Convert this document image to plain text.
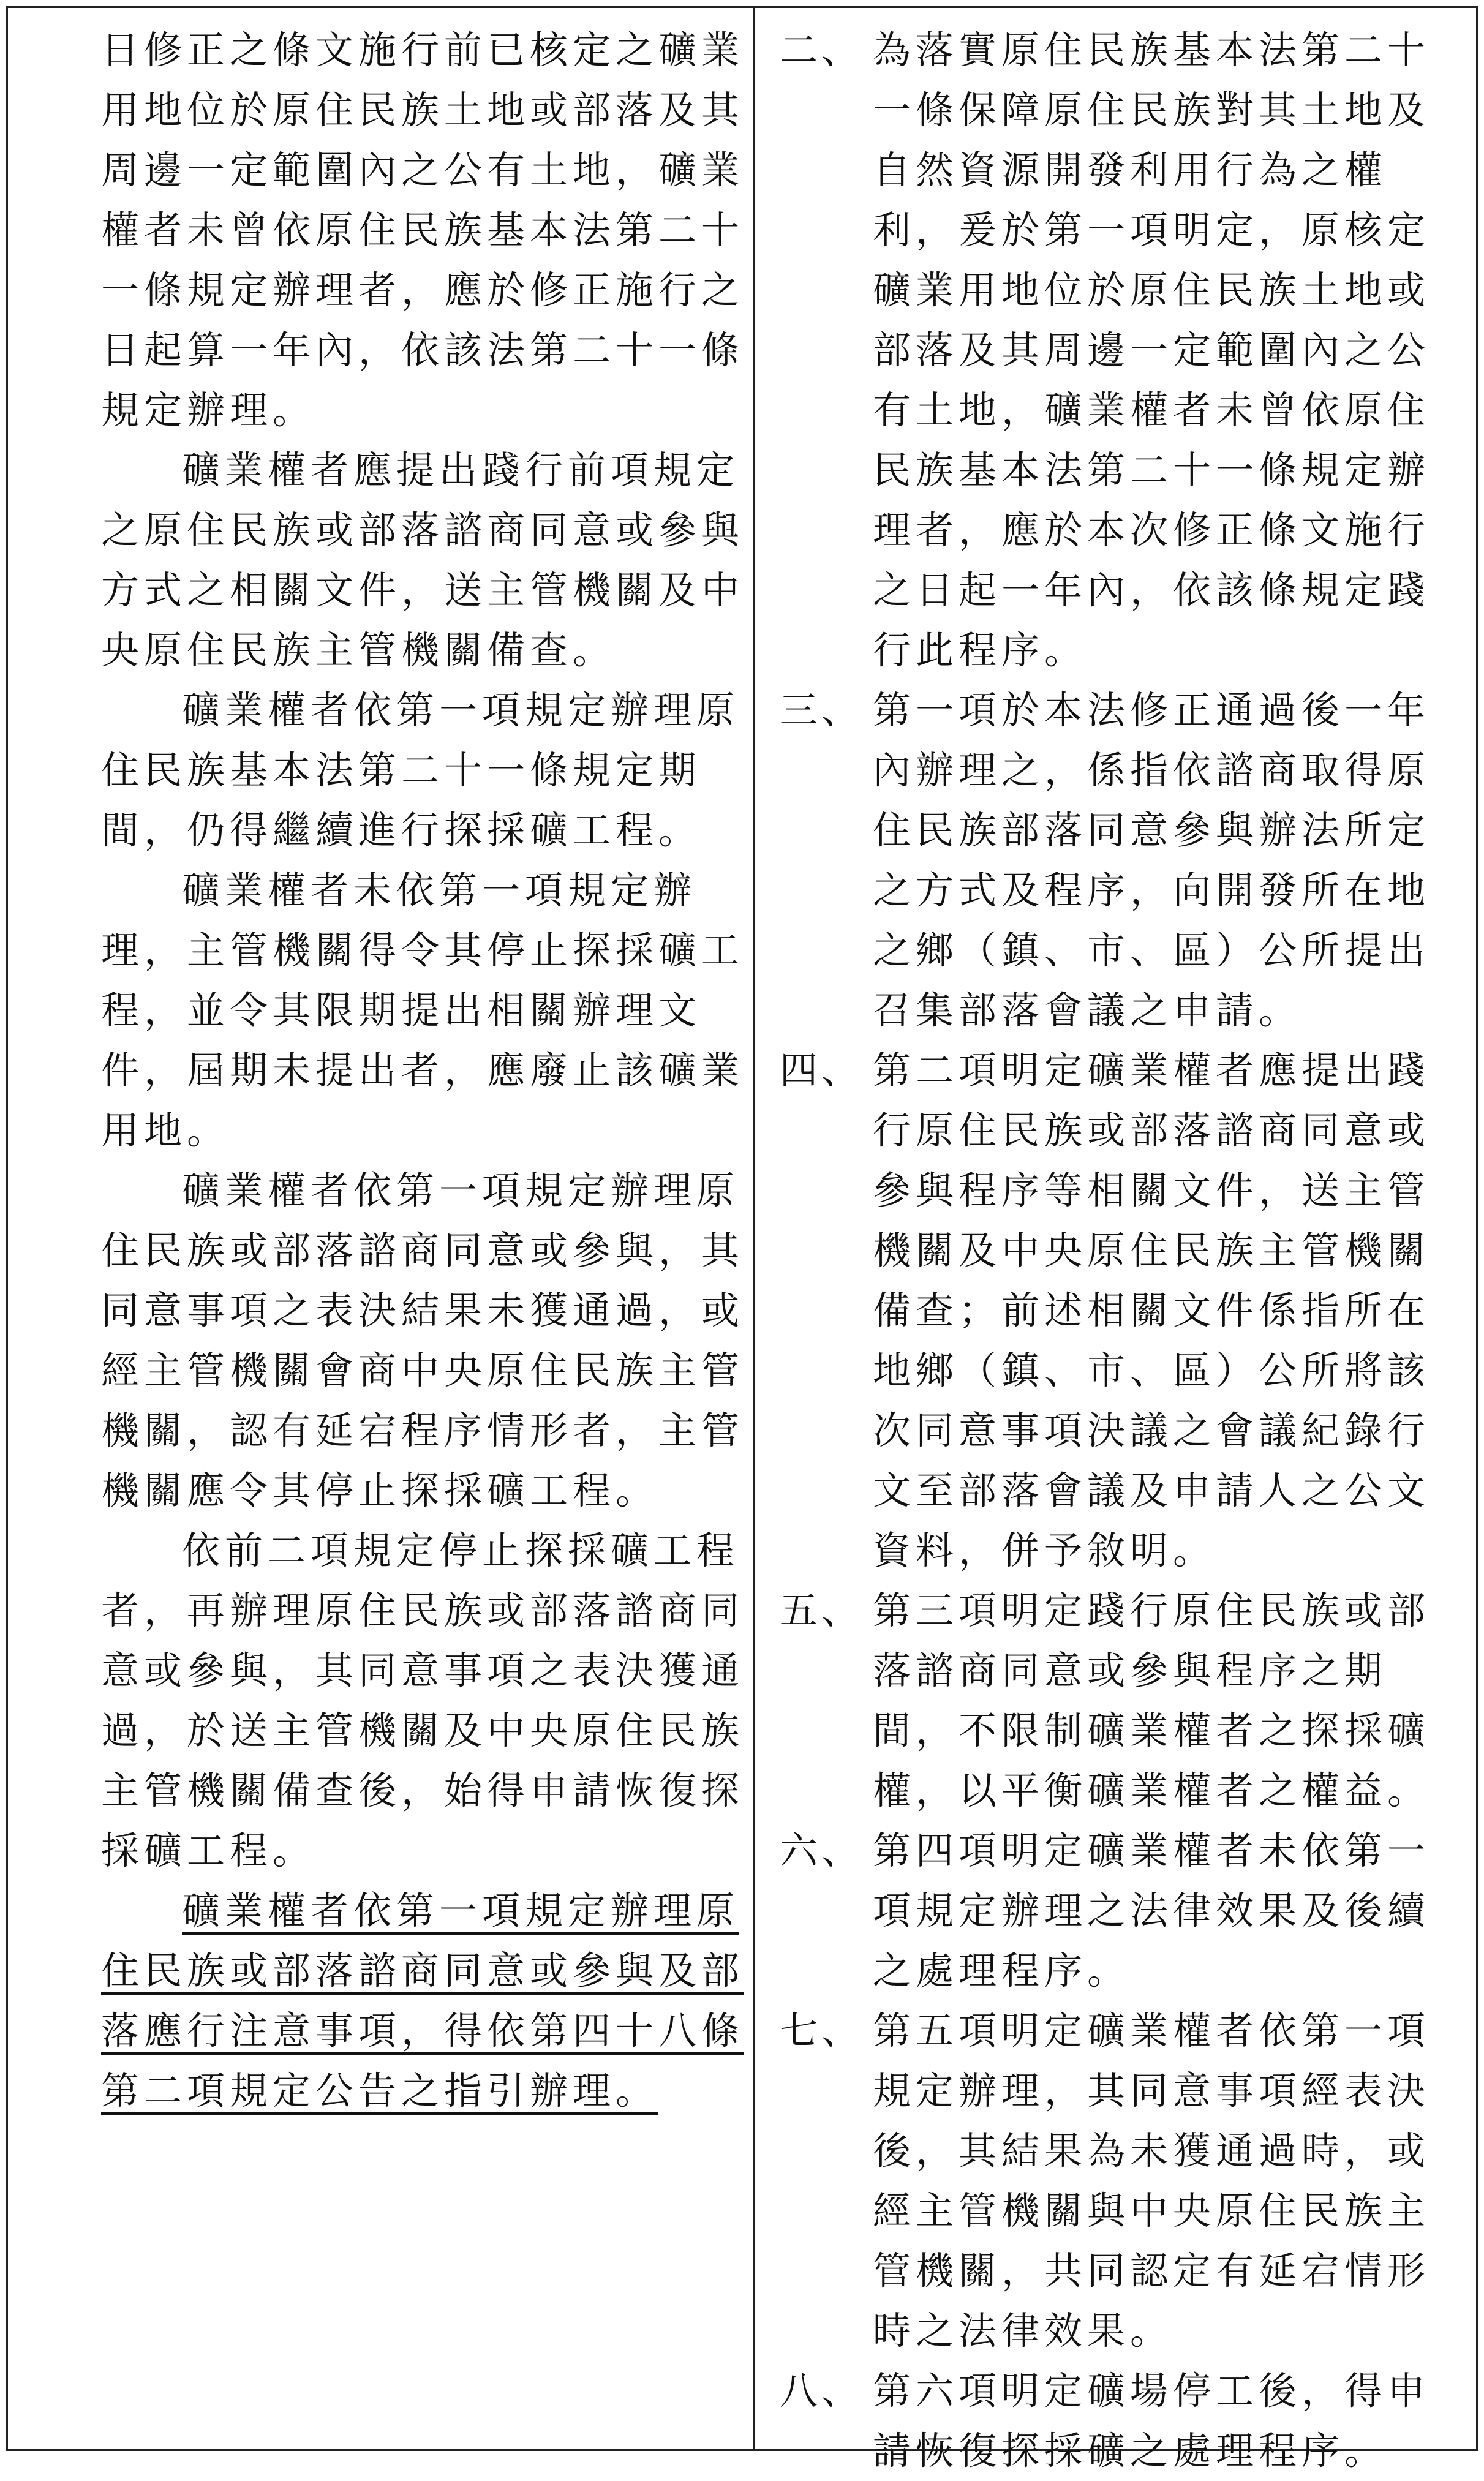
日修正之條文施行前已核定之礦業用地位於原住民族土地或部落及其周邊一定範圍內之公有土地，礦業權者未曾依原住民族基本法第二十一條規定辦理者，應於修正施行之日起算一年內，依該法第二十一條規定辦理。

礦業權者應提出踐行前項規定之原住民族或部落諮商同意或參與方式之相關文件，送主管機關及中央原住民族主管機關備查。

礦業權者依第一項規定辦理原住民族基本法第二十一條規定期間，仍得繼續進行探採礦工程。

礦業權者未依第一項規定辦理，主管機關得令其停止探採礦工程，並令其限期提出相關辦理文件，屆期未提出者，應廢止該礦業用地。

礦業權者依第一項規定辦理原住民族或部落諮商同意或參與，其同意事項之表決結果未獲通過，或經主管機關會商中央原住民族主管機關，認有延宕程序情形者，主管機關應令其停止探採礦工程。

依前二項規定停止探採礦工程者，再辦理原住民族或部落諮商同意或參與，其同意事項之表決獲通過，於送主管機關及中央原住民族主管機關備查後，始得申請恢復探採礦工程。

礦業權者依第一項規定辦理原住民族或部落諮商同意或參與及部落應行注意事項，得依第四十八條第二項規定公告之指引辦理。

二、 為落實原住民族基本法第二十一條保障原住民族對其土地及自然資源開發利用行為之權利，爰於第一項明定，原核定礦業用地位於原住民族土地或部落及其周邊一定範圍內之公有土地，礦業權者未曾依原住民族基本法第二十一條規定辦理者，應於本次修正條文施行之日起一年內，依該條規定踐行此程序。
三、 第一項於本法修正通過後一年內辦理之，係指依諮商取得原住民族部落同意參與辦法所定之方式及程序，向開發所在地之鄉（鎮、市、區）公所提出召集部落會議之申請。
四、 第二項明定礦業權者應提出踐行原住民族或部落諮商同意或參與程序等相關文件，送主管機關及中央原住民族主管機關備查；前述相關文件係指所在地鄉（鎮、市、區）公所將該次同意事項決議之會議紀錄行文至部落會議及申請人之公文資料，併予敘明。
五、 第三項明定踐行原住民族或部落諮商同意或參與程序之期間，不限制礦業權者之探採礦權，以平衡礦業權者之權益。
六、 第四項明定礦業權者未依第一項規定辦理之法律效果及後續之處理程序。
七、 第五項明定礦業權者依第一項規定辦理，其同意事項經表決後，其結果為未獲通過時，或經主管機關與中央原住民族主管機關，共同認定有延宕情形時之法律效果。
八、 第六項明定礦場停工後，得申請恢復探採礦之處理程序。
